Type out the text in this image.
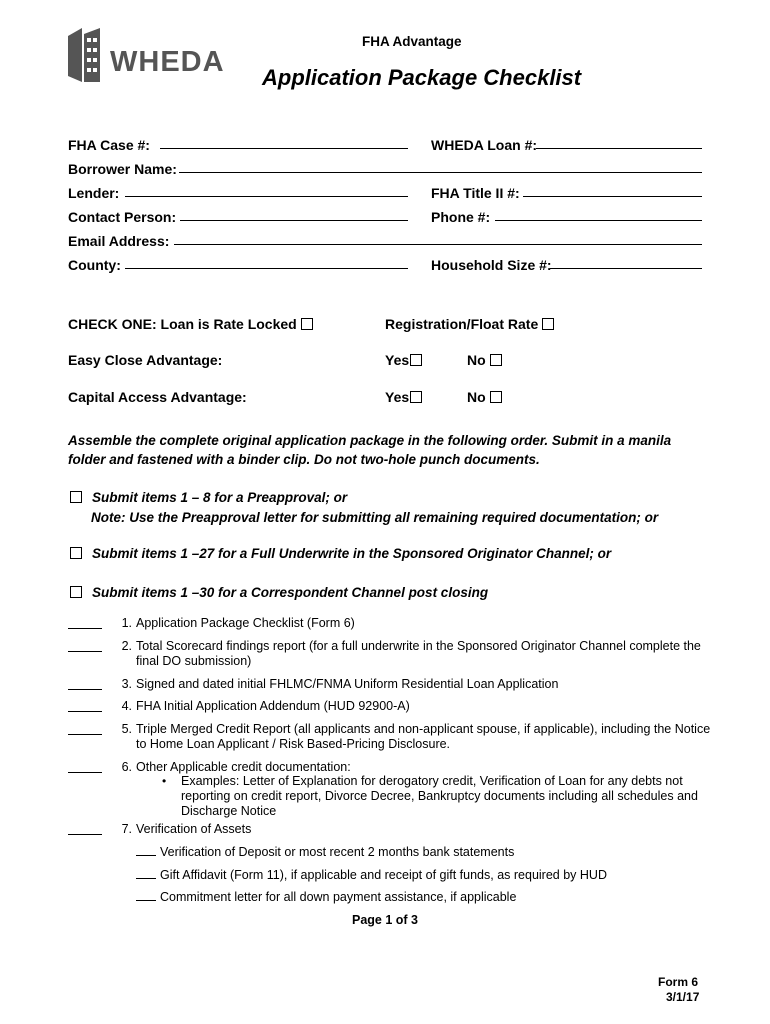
WHEDA
FHA Advantage
Application Package Checklist
FHA Case #:	WHEDA Loan #:
Borrower Name:
Lender:	FHA Title II #:
Contact Person:	Phone #:
Email Address:
County:	Household Size #:
CHECK ONE: Loan is Rate Locked	Registration/Float Rate
Easy Close Advantage:	Yes	No
Capital Access Advantage:	Yes	No
Assemble the complete original application package in the following order. Submit in a manila
folder and fastened with a binder clip. Do not two-hole punch documents.
Submit items 1 – 8 for a Preapproval; or
Note: Use the Preapproval letter for submitting all remaining required documentation; or
Submit items 1 –27 for a Full Underwrite in the Sponsored Originator Channel; or
Submit items 1 –30 for a Correspondent Channel post closing
1. Application Package Checklist (Form 6)
2. Total Scorecard findings report (for a full underwrite in the Sponsored Originator Channel complete the final DO submission)
3. Signed and dated initial FHLMC/FNMA Uniform Residential Loan Application
4. FHA Initial Application Addendum (HUD 92900-A)
5. Triple Merged Credit Report (all applicants and non-applicant spouse, if applicable), including the Notice to Home Loan Applicant / Risk Based-Pricing Disclosure.
6. Other Applicable credit documentation:
7. Verification of Assets
• Examples: Letter of Explanation for derogatory credit, Verification of Loan for any debts not reporting on credit report, Divorce Decree, Bankruptcy documents including all schedules and Discharge Notice
Verification of Deposit or most recent 2 months bank statements
Gift Affidavit (Form 11), if applicable and receipt of gift funds, as required by HUD
Commitment letter for all down payment assistance, if applicable
Page 1 of 3
Form 6
3/1/17
